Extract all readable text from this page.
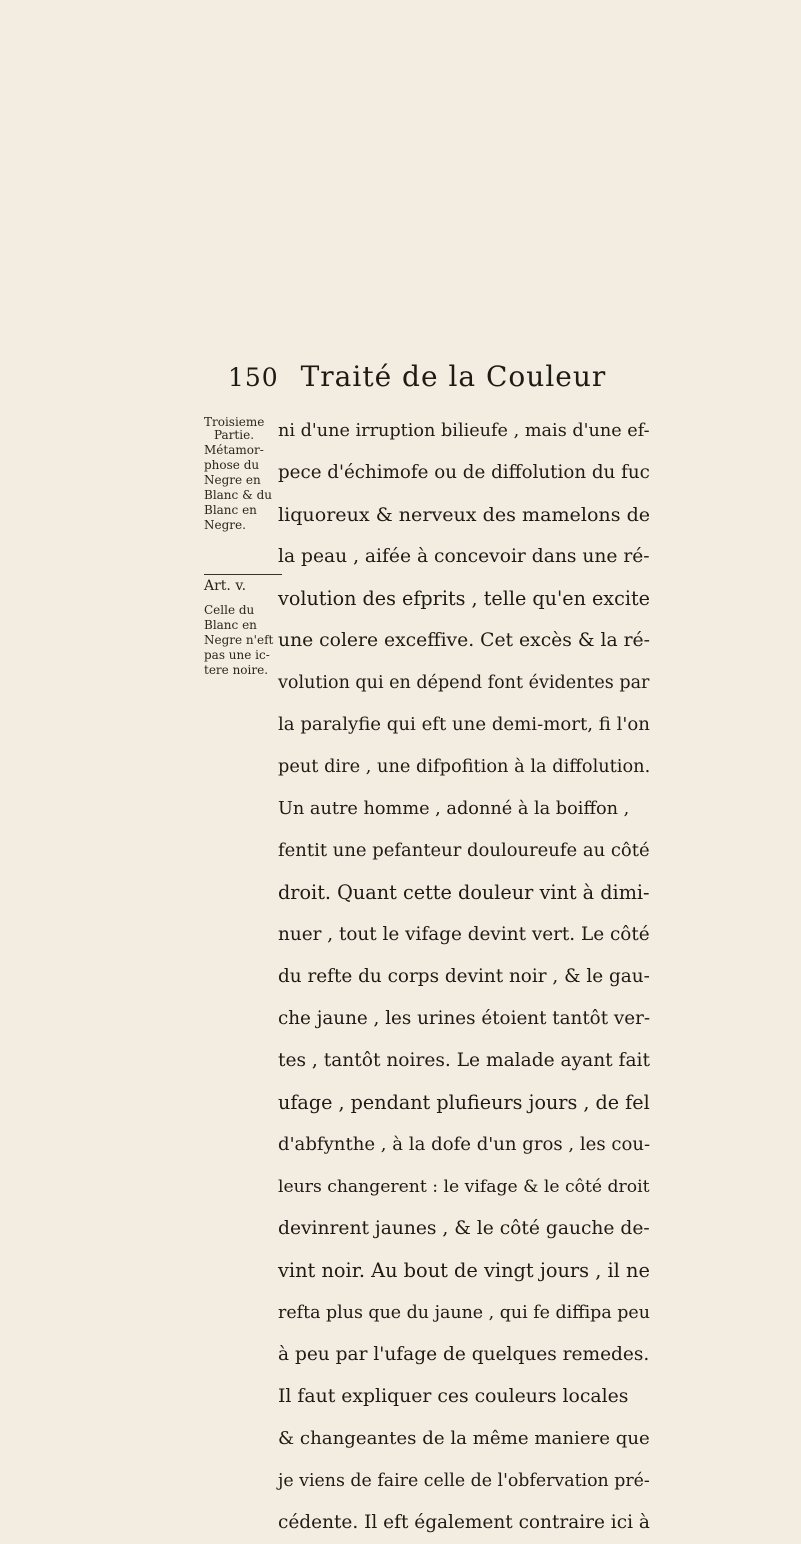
150 Traité de la Couleur
Troisieme
Partie.
Métamor-
phose du
Negre en
Blanc & du
Blanc en
Negre.
Art. v.
Celle du
Blanc en
Negre n'eft
pas une ic-
tere noire.
ni d'une irruption bilieufe , mais d'une ef-
pece d'échimofe ou de diffolution du fuc
liquoreux & nerveux des mamelons de
la peau , aifée à concevoir dans une ré-
volution des efprits , telle qu'en excite
une colere exceffive. Cet excès & la ré-
volution qui en dépend font évidentes par
la paralyfie qui eft une demi-mort, fi l'on
peut dire , une difpofition à la diffolution.
Un autre homme , adonné à la boiffon ,
fentit une pefanteur douloureufe au côté
droit. Quant cette douleur vint à dimi-
nuer , tout le vifage devint vert. Le côté
du refte du corps devint noir , & le gau-
che jaune , les urines étoient tantôt ver-
tes , tantôt noires. Le malade ayant fait
ufage , pendant plufieurs jours , de fel
d'abfynthe , à la dofe d'un gros , les cou-
leurs changerent : le vifage & le côté droit
devinrent jaunes , & le côté gauche de-
vint noir. Au bout de vingt jours , il ne
refta plus que du jaune , qui fe diffipa peu
à peu par l'ufage de quelques remedes.
Il faut expliquer ces couleurs locales
& changeantes de la même maniere que
je viens de faire celle de l'obfervation pré-
cédente. Il eft également contraire ici à
